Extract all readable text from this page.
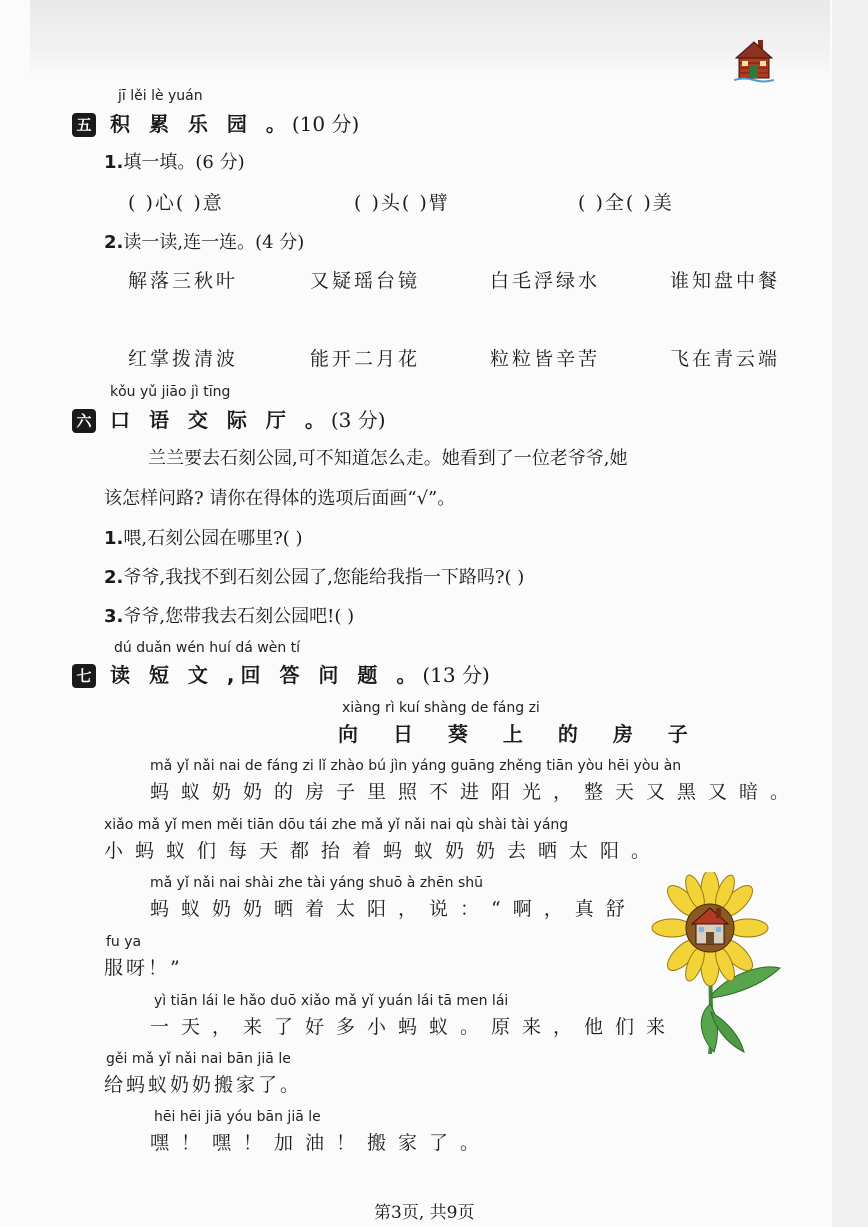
jī lěi lè yuán
五 积 累 乐 园 。(10 分)
1.填一填。(6 分)
( )心( )意	( )头( )臂	( )全( )美
2.读一读,连一连。(4 分)
解落三秋叶	又疑瑶台镜	白毛浮绿水	谁知盘中餐
红掌拨清波	能开二月花	粒粒皆辛苦	飞在青云端
kǒu yǔ jiāo jì tīng
六 口 语 交 际 厅 。(3 分)
兰兰要去石刻公园,可不知道怎么走。她看到了一位老爷爷,她
该怎样问路? 请你在得体的选项后面画“√”。
1.喂,石刻公园在哪里?( )
2.爷爷,我找不到石刻公园了,您能给我指一下路吗?( )
3.爷爷,您带我去石刻公园吧!( )
dú duǎn wén huí dá wèn tí
七 读 短 文 ,回 答 问 题 。(13 分)
xiàng rì kuí shàng de fáng zi
向 日 葵 上 的 房 子
mǎ yǐ nǎi nai de fáng zi lǐ zhào bú jìn yáng guāng zhěng tiān yòu hēi yòu àn
蚂蚁奶奶的房子里照不进阳光，整天又黑又暗。
xiǎo mǎ yǐ men měi tiān dōu tái zhe mǎ yǐ nǎi nai qù shài tài yáng
小蚂蚁们每天都抬着蚂蚁奶奶去晒太阳。
mǎ yǐ nǎi nai shài zhe tài yáng shuō à zhēn shū
蚂蚁奶奶晒着太阳，说：“啊，真舒
fu ya
服呀！”
yì tiān lái le hǎo duō xiǎo mǎ yǐ yuán lái tā men lái
一天，来了好多小蚂蚁。原来，他们来
gěi mǎ yǐ nǎi nai bān jiā le
给蚂蚁奶奶搬家了。
hēi hēi jiā yóu bān jiā le
嘿！嘿！加油！搬家了。
第3页, 共9页
